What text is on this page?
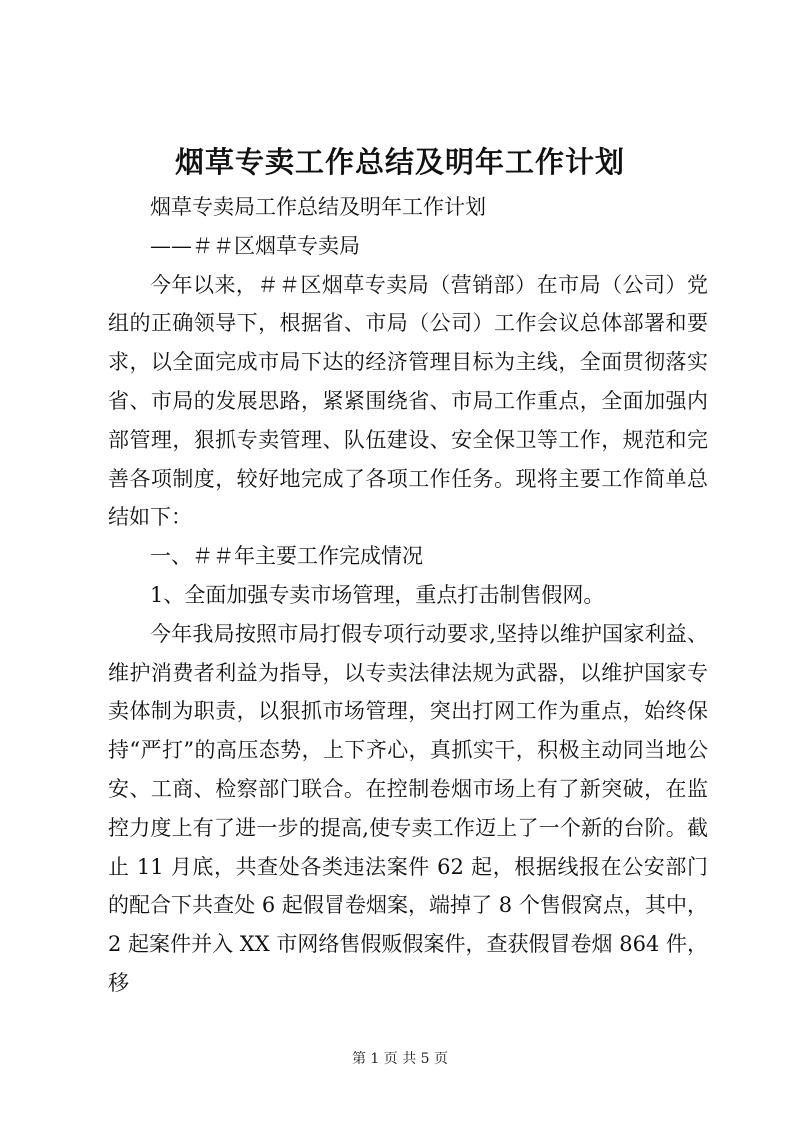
烟草专卖工作总结及明年工作计划

烟草专卖局工作总结及明年工作计划

——＃＃区烟草专卖局

今年以来，＃＃区烟草专卖局（营销部）在市局（公司）党组的正确领导下，根据省、市局（公司）工作会议总体部署和要求，以全面完成市局下达的经济管理目标为主线，全面贯彻落实省、市局的发展思路，紧紧围绕省、市局工作重点，全面加强内部管理，狠抓专卖管理、队伍建设、安全保卫等工作，规范和完善各项制度，较好地完成了各项工作任务。现将主要工作简单总结如下：

一、＃＃年主要工作完成情况

1、全面加强专卖市场管理，重点打击制售假网。

今年我局按照市局打假专项行动要求,坚持以维护国家利益、维护消费者利益为指导，以专卖法律法规为武器，以维护国家专卖体制为职责，以狠抓市场管理，突出打网工作为重点，始终保持“严打”的高压态势，上下齐心，真抓实干，积极主动同当地公安、工商、检察部门联合。在控制卷烟市场上有了新突破，在监控力度上有了进一步的提高,使专卖工作迈上了一个新的台阶。截止 11 月底，共查处各类违法案件 62 起，根据线报在公安部门的配合下共查处 6 起假冒卷烟案，端掉了 8 个售假窝点，其中，2 起案件并入 XX 市网络售假贩假案件，查获假冒卷烟 864 件，移

第 1 页 共 5 页
